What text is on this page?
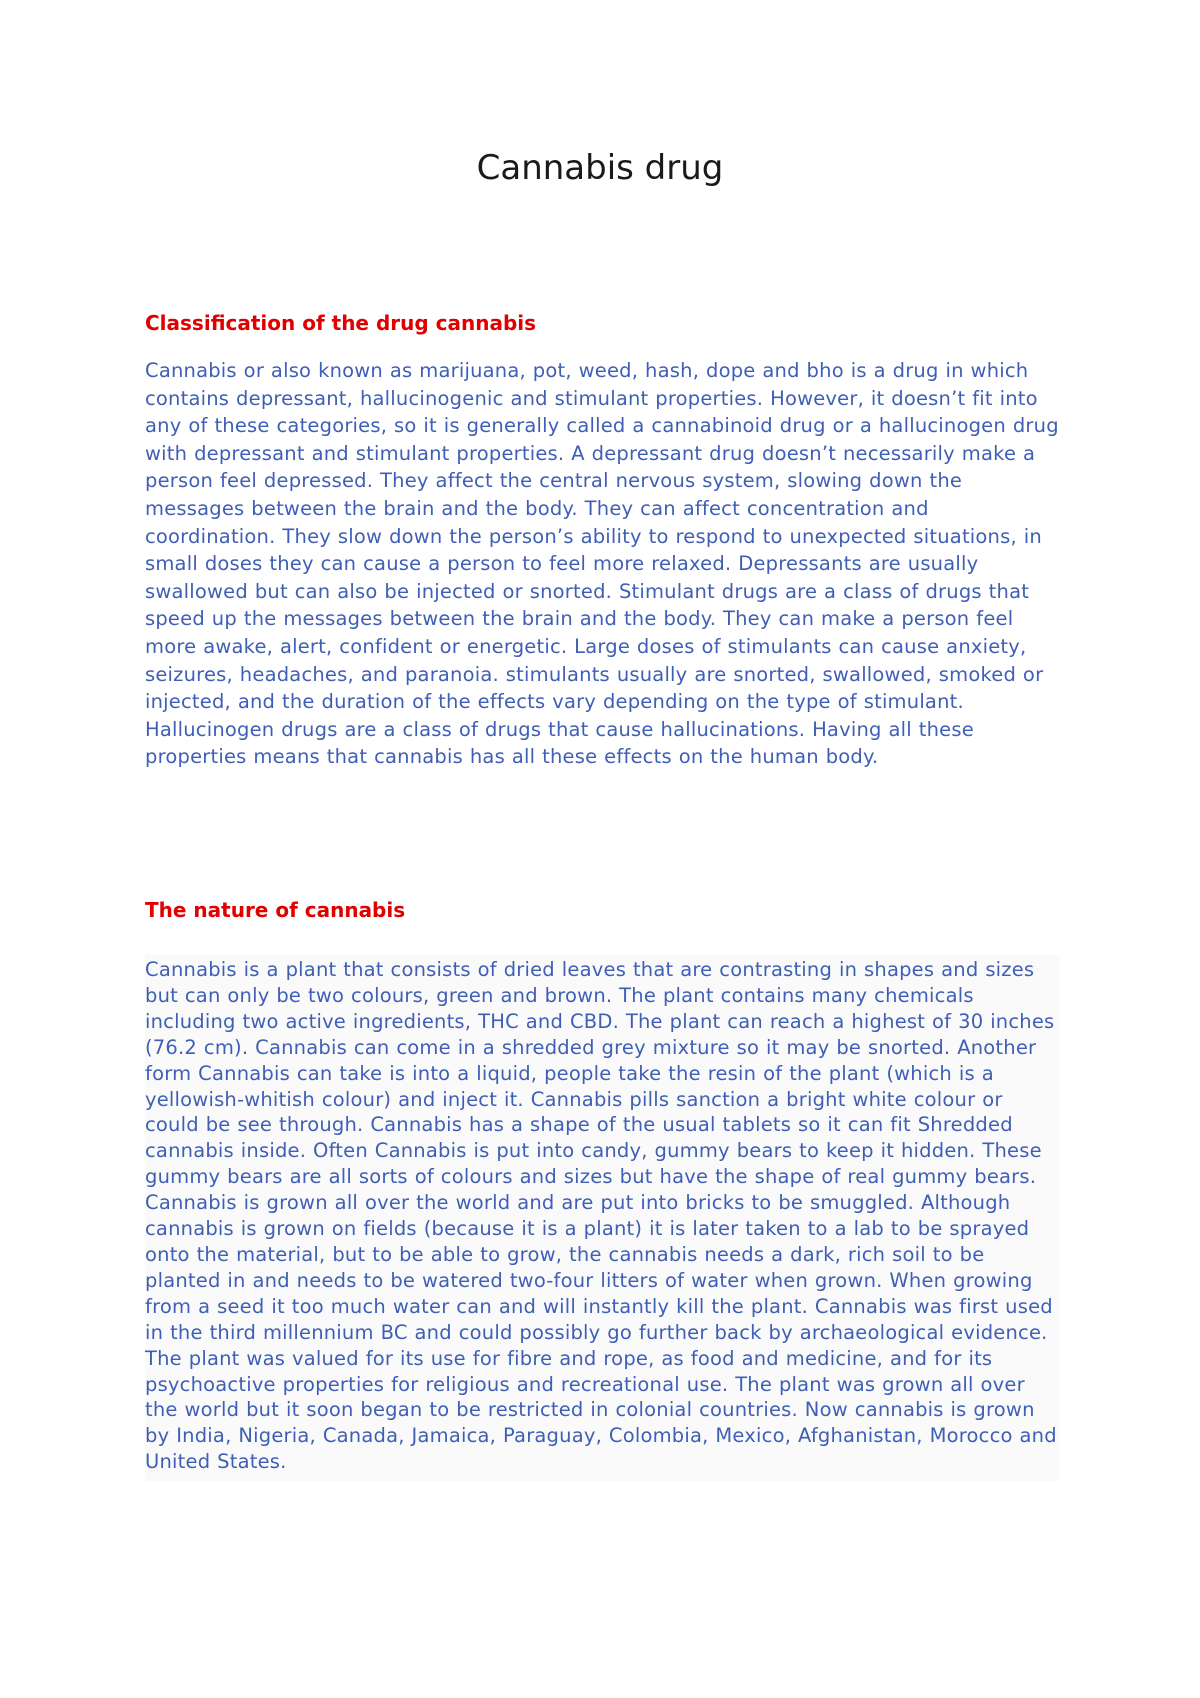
Cannabis drug
Classification of the drug cannabis

Cannabis or also known as marijuana, pot, weed, hash, dope and bho is a drug in which contains depressant, hallucinogenic and stimulant properties. However, it doesn’t fit into any of these categories, so it is generally called a cannabinoid drug or a hallucinogen drug with depressant and stimulant properties. A depressant drug doesn’t necessarily make a person feel depressed. They affect the central nervous system, slowing down the messages between the brain and the body. They can affect concentration and coordination. They slow down the person’s ability to respond to unexpected situations, in small doses they can cause a person to feel more relaxed. Depressants are usually swallowed but can also be injected or snorted. Stimulant drugs are a class of drugs that speed up the messages between the brain and the body. They can make a person feel more awake, alert, confident or energetic. Large doses of stimulants can cause anxiety, seizures, headaches, and paranoia. stimulants usually are snorted, swallowed, smoked or injected, and the duration of the effects vary depending on the type of stimulant. Hallucinogen drugs are a class of drugs that cause hallucinations. Having all these properties means that cannabis has all these effects on the human body.

The nature of cannabis

Cannabis is a plant that consists of dried leaves that are contrasting in shapes and sizes but can only be two colours, green and brown. The plant contains many chemicals including two active ingredients, THC and CBD. The plant can reach a highest of 30 inches (76.2 cm). Cannabis can come in a shredded grey mixture so it may be snorted. Another form Cannabis can take is into a liquid, people take the resin of the plant (which is a yellowish-whitish colour) and inject it. Cannabis pills sanction a bright white colour or could be see through. Cannabis has a shape of the usual tablets so it can fit Shredded cannabis inside. Often Cannabis is put into candy, gummy bears to keep it hidden. These gummy bears are all sorts of colours and sizes but have the shape of real gummy bears. Cannabis is grown all over the world and are put into bricks to be smuggled. Although cannabis is grown on fields (because it is a plant) it is later taken to a lab to be sprayed onto the material, but to be able to grow, the cannabis needs a dark, rich soil to be planted in and needs to be watered two-four litters of water when grown. When growing from a seed it too much water can and will instantly kill the plant. Cannabis was first used in the third millennium BC and could possibly go further back by archaeological evidence. The plant was valued for its use for fibre and rope, as food and medicine, and for its psychoactive properties for religious and recreational use. The plant was grown all over the world but it soon began to be restricted in colonial countries. Now cannabis is grown by India, Nigeria, Canada, Jamaica, Paraguay, Colombia, Mexico, Afghanistan, Morocco and United States.
